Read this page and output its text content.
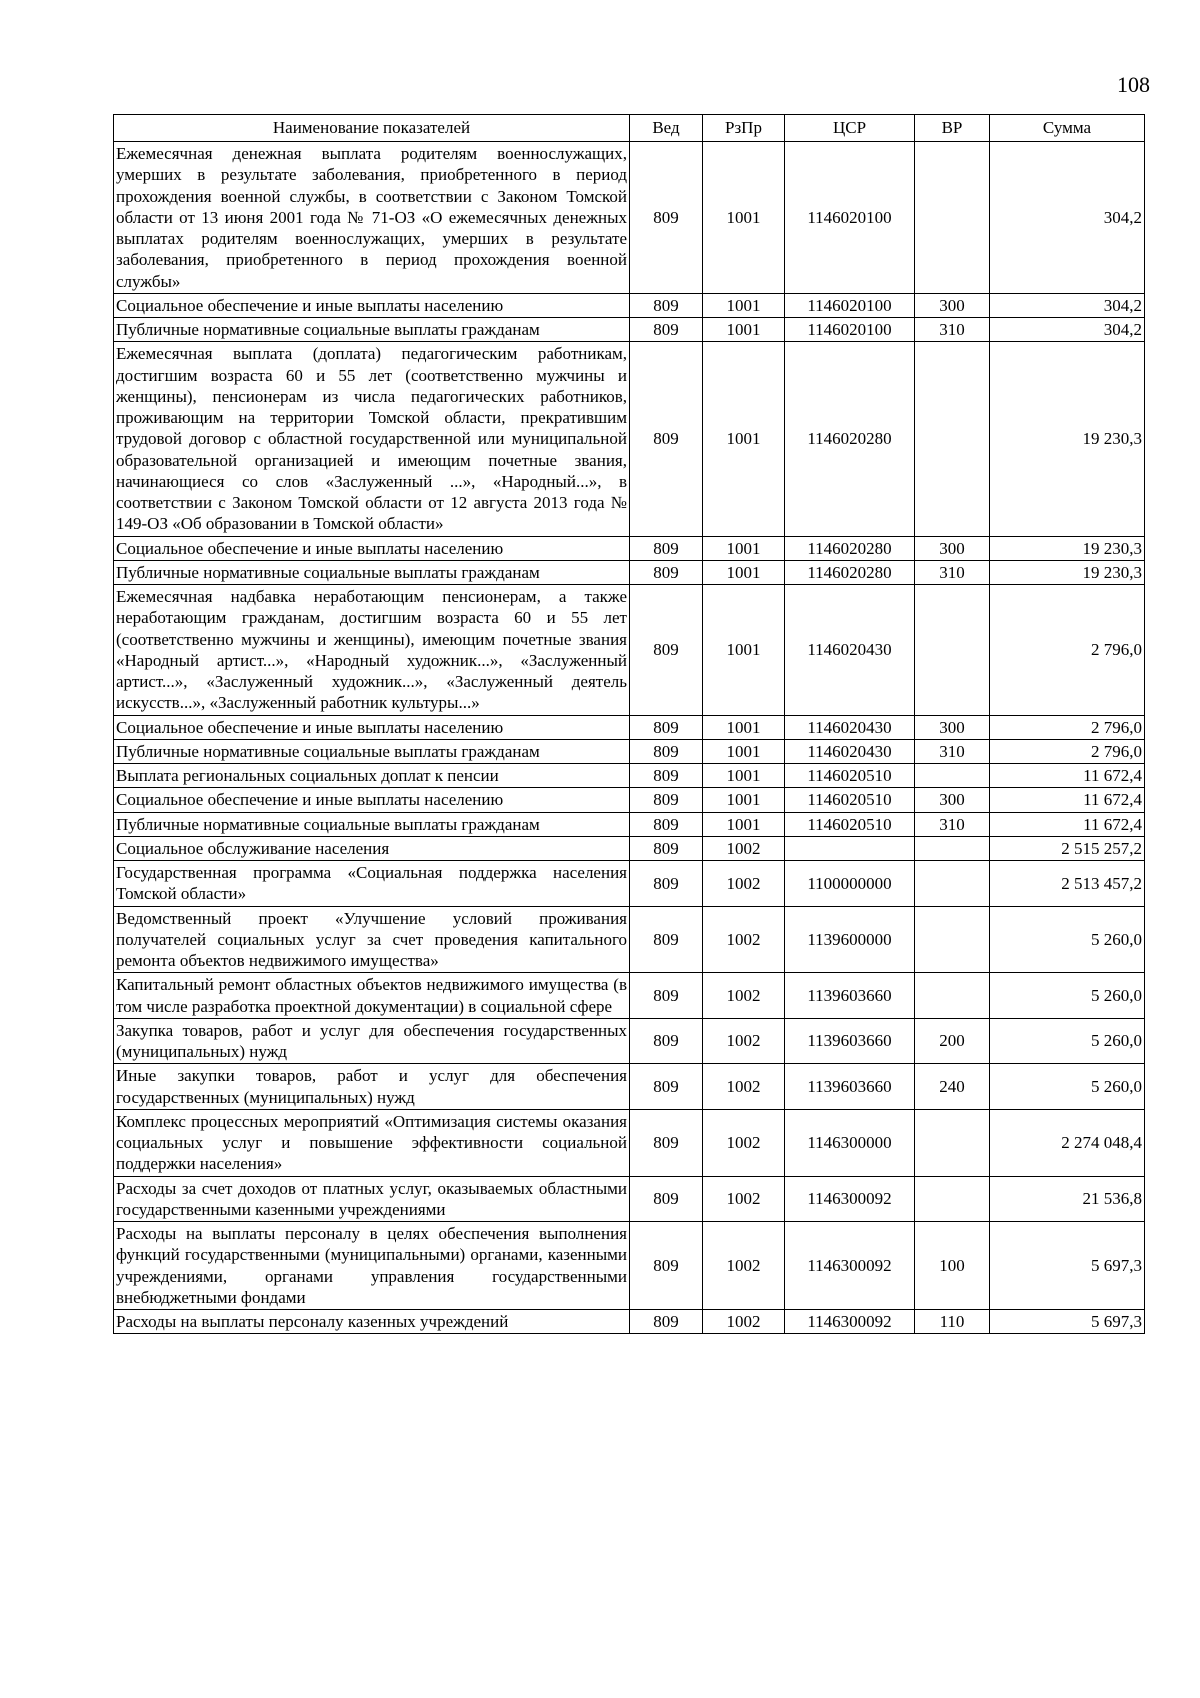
108
Наименование показателей	Вед	РзПр	ЦСР	ВР	Сумма
Ежемесячная денежная выплата родителям военнослужащих, умерших в результате заболевания, приобретенного в период прохождения военной службы, в соответствии с Законом Томской области от 13 июня 2001 года № 71-ОЗ «О ежемесячных денежных выплатах родителям военнослужащих, умерших в результате заболевания, приобретенного в период прохождения военной службы»	809	1001	1146020100		304,2
Социальное обеспечение и иные выплаты населению	809	1001	1146020100	300	304,2
Публичные нормативные социальные выплаты гражданам	809	1001	1146020100	310	304,2
Ежемесячная выплата (доплата) педагогическим работникам, достигшим возраста 60 и 55 лет (соответственно мужчины и женщины), пенсионерам из числа педагогических работников, проживающим на территории Томской области, прекратившим трудовой договор с областной государственной или муниципальной образовательной организацией и имеющим почетные звания, начинающиеся со слов «Заслуженный ...», «Народный...», в соответствии с Законом Томской области от 12 августа 2013 года № 149-ОЗ «Об образовании в Томской области»	809	1001	1146020280		19 230,3
Социальное обеспечение и иные выплаты населению	809	1001	1146020280	300	19 230,3
Публичные нормативные социальные выплаты гражданам	809	1001	1146020280	310	19 230,3
Ежемесячная надбавка неработающим пенсионерам, а также неработающим гражданам, достигшим возраста 60 и 55 лет (соответственно мужчины и женщины), имеющим почетные звания «Народный артист...», «Народный художник...», «Заслуженный артист...», «Заслуженный художник...», «Заслуженный деятель искусств...», «Заслуженный работник культуры...»	809	1001	1146020430		2 796,0
Социальное обеспечение и иные выплаты населению	809	1001	1146020430	300	2 796,0
Публичные нормативные социальные выплаты гражданам	809	1001	1146020430	310	2 796,0
Выплата региональных социальных доплат к пенсии	809	1001	1146020510		11 672,4
Социальное обеспечение и иные выплаты населению	809	1001	1146020510	300	11 672,4
Публичные нормативные социальные выплаты гражданам	809	1001	1146020510	310	11 672,4
Социальное обслуживание населения	809	1002			2 515 257,2
Государственная программа «Социальная поддержка населения Томской области»	809	1002	1100000000		2 513 457,2
Ведомственный проект «Улучшение условий проживания получателей социальных услуг за счет проведения капитального ремонта объектов недвижимого имущества»	809	1002	1139600000		5 260,0
Капитальный ремонт областных объектов недвижимого имущества (в том числе разработка проектной документации) в социальной сфере	809	1002	1139603660		5 260,0
Закупка товаров, работ и услуг для обеспечения государственных (муниципальных) нужд	809	1002	1139603660	200	5 260,0
Иные закупки товаров, работ и услуг для обеспечения государственных (муниципальных) нужд	809	1002	1139603660	240	5 260,0
Комплекс процессных мероприятий «Оптимизация системы оказания социальных услуг и повышение эффективности социальной поддержки населения»	809	1002	1146300000		2 274 048,4
Расходы за счет доходов от платных услуг, оказываемых областными государственными казенными учреждениями	809	1002	1146300092		21 536,8
Расходы на выплаты персоналу в целях обеспечения выполнения функций государственными (муниципальными) органами, казенными учреждениями, органами управления государственными внебюджетными фондами	809	1002	1146300092	100	5 697,3
Расходы на выплаты персоналу казенных учреждений	809	1002	1146300092	110	5 697,3
